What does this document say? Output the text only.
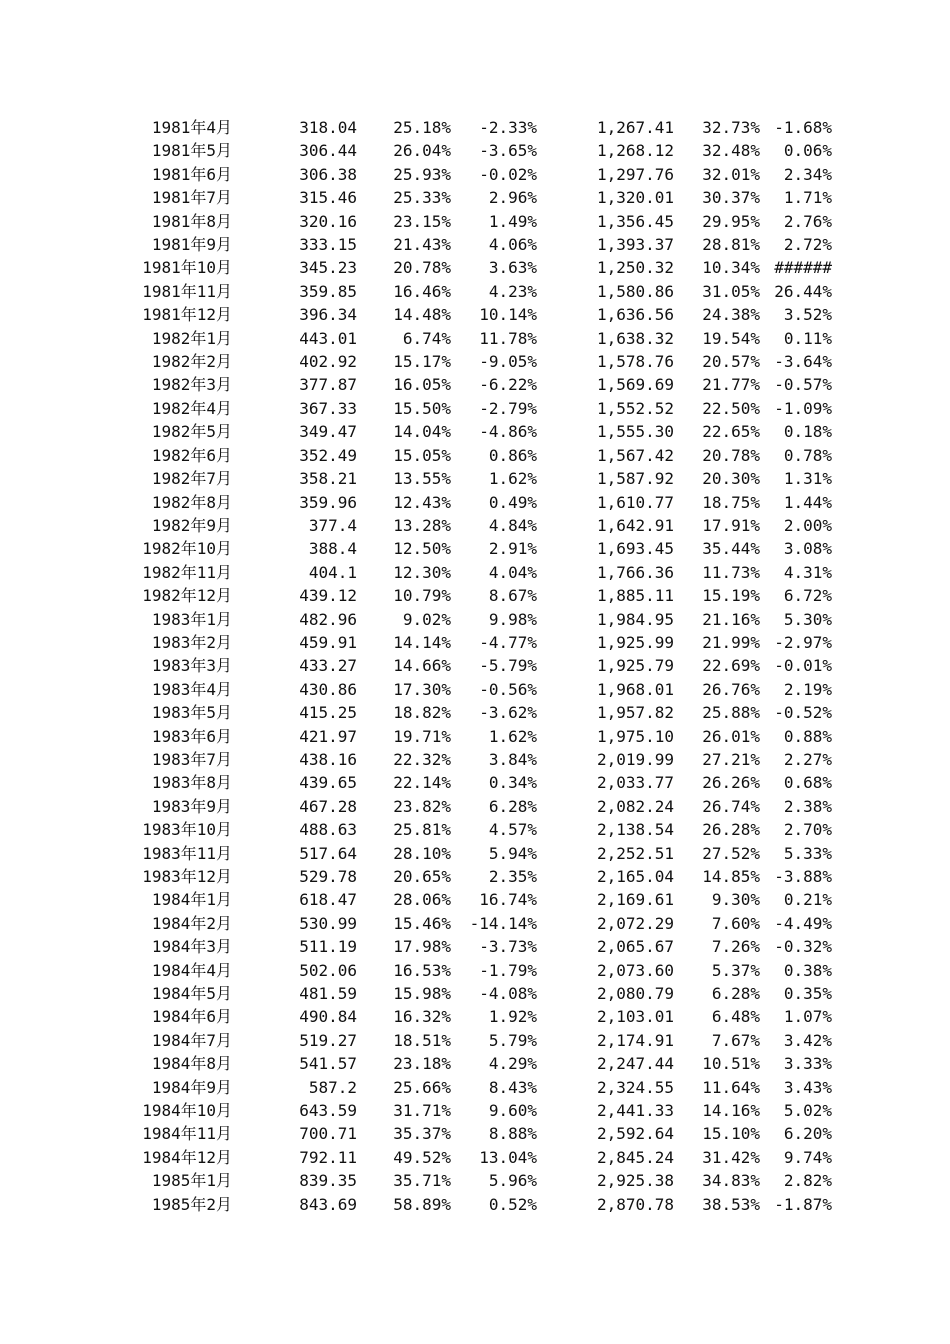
1981年4月	318.04	25.18%	-2.33%	1,267.41	32.73% -1.68%
1981年5月	306.44	26.04%	-3.65%	1,268.12	32.48%	0.06%
1981年6月	306.38	25.93%	-0.02%	1,297.76	32.01%	2.34%
1981年7月	315.46	25.33%	2.96%	1,320.01	30.37%	1.71%
1981年8月	320.16	23.15%	1.49%	1,356.45	29.95%	2.76%
1981年9月	333.15	21.43%	4.06%	1,393.37	28.81%	2.72%
1981年10月	345.23	20.78%	3.63%	1,250.32	10.34% ######
1981年11月	359.85	16.46%	4.23%	1,580.86	31.05% 26.44%
1981年12月	396.34	14.48%	10.14%	1,636.56	24.38%	3.52%
1982年1月	443.01	6.74%	11.78%	1,638.32	19.54%	0.11%
1982年2月	402.92	15.17%	-9.05%	1,578.76	20.57% -3.64%
1982年3月	377.87	16.05%	-6.22%	1,569.69	21.77% -0.57%
1982年4月	367.33	15.50%	-2.79%	1,552.52	22.50% -1.09%
1982年5月	349.47	14.04%	-4.86%	1,555.30	22.65%	0.18%
1982年6月	352.49	15.05%	0.86%	1,567.42	20.78%	0.78%
1982年7月	358.21	13.55%	1.62%	1,587.92	20.30%	1.31%
1982年8月	359.96	12.43%	0.49%	1,610.77	18.75%	1.44%
1982年9月	377.4	13.28%	4.84%	1,642.91	17.91%	2.00%
1982年10月	388.4	12.50%	2.91%	1,693.45	35.44%	3.08%
1982年11月	404.1	12.30%	4.04%	1,766.36	11.73%	4.31%
1982年12月	439.12	10.79%	8.67%	1,885.11	15.19%	6.72%
1983年1月	482.96	9.02%	9.98%	1,984.95	21.16%	5.30%
1983年2月	459.91	14.14%	-4.77%	1,925.99	21.99% -2.97%
1983年3月	433.27	14.66%	-5.79%	1,925.79	22.69% -0.01%
1983年4月	430.86	17.30%	-0.56%	1,968.01	26.76%	2.19%
1983年5月	415.25	18.82%	-3.62%	1,957.82	25.88% -0.52%
1983年6月	421.97	19.71%	1.62%	1,975.10	26.01%	0.88%
1983年7月	438.16	22.32%	3.84%	2,019.99	27.21%	2.27%
1983年8月	439.65	22.14%	0.34%	2,033.77	26.26%	0.68%
1983年9月	467.28	23.82%	6.28%	2,082.24	26.74%	2.38%
1983年10月	488.63	25.81%	4.57%	2,138.54	26.28%	2.70%
1983年11月	517.64	28.10%	5.94%	2,252.51	27.52%	5.33%
1983年12月	529.78	20.65%	2.35%	2,165.04	14.85% -3.88%
1984年1月	618.47	28.06%	16.74%	2,169.61	9.30%	0.21%
1984年2月	530.99	15.46%	-14.14%	2,072.29	7.60% -4.49%
1984年3月	511.19	17.98%	-3.73%	2,065.67	7.26% -0.32%
1984年4月	502.06	16.53%	-1.79%	2,073.60	5.37%	0.38%
1984年5月	481.59	15.98%	-4.08%	2,080.79	6.28%	0.35%
1984年6月	490.84	16.32%	1.92%	2,103.01	6.48%	1.07%
1984年7月	519.27	18.51%	5.79%	2,174.91	7.67%	3.42%
1984年8月	541.57	23.18%	4.29%	2,247.44	10.51%	3.33%
1984年9月	587.2	25.66%	8.43%	2,324.55	11.64%	3.43%
1984年10月	643.59	31.71%	9.60%	2,441.33	14.16%	5.02%
1984年11月	700.71	35.37%	8.88%	2,592.64	15.10%	6.20%
1984年12月	792.11	49.52%	13.04%	2,845.24	31.42%	9.74%
1985年1月	839.35	35.71%	5.96%	2,925.38	34.83%	2.82%
1985年2月	843.69	58.89%	0.52%	2,870.78	38.53% -1.87%
